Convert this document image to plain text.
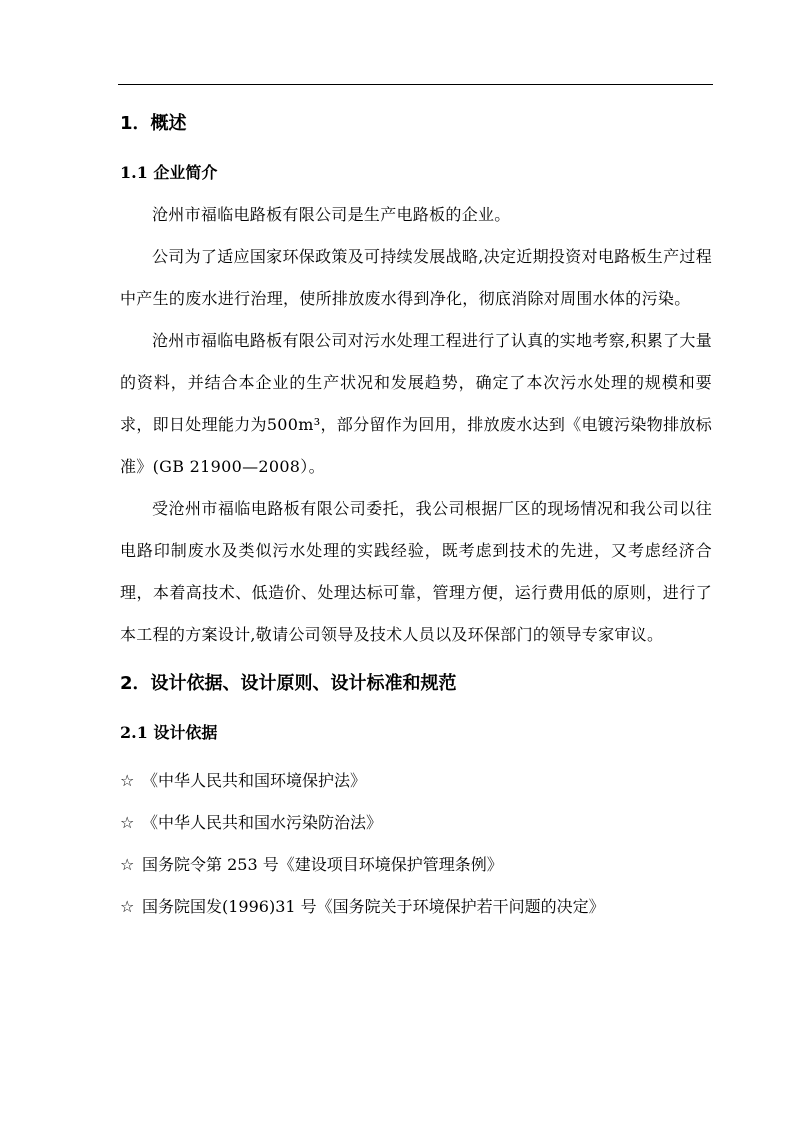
1．概述
1.1 企业简介

沧州市福临电路板有限公司是生产电路板的企业。

公司为了适应国家环保政策及可持续发展战略,决定近期投资对电路板生产过程中产生的废水进行治理，使所排放废水得到净化，彻底消除对周围水体的污染。

沧州市福临电路板有限公司对污水处理工程进行了认真的实地考察,积累了大量的资料，并结合本企业的生产状况和发展趋势，确定了本次污水处理的规模和要求，即日处理能力为500m³，部分留作为回用，排放废水达到《电镀污染物排放标准》(GB 21900—2008）。

受沧州市福临电路板有限公司委托，我公司根据厂区的现场情况和我公司以往电路印制废水及类似污水处理的实践经验，既考虑到技术的先进，又考虑经济合理，本着高技术、低造价、处理达标可靠，管理方便，运行费用低的原则，进行了本工程的方案设计,敬请公司领导及技术人员以及环保部门的领导专家审议。

2．设计依据、设计原则、设计标准和规范
2.1 设计依据

☆ 《中华人民共和国环境保护法》

☆ 《中华人民共和国水污染防治法》

☆ 国务院令第 253 号《建设项目环境保护管理条例》

☆ 国务院国发(1996)31 号《国务院关于环境保护若干问题的决定》
